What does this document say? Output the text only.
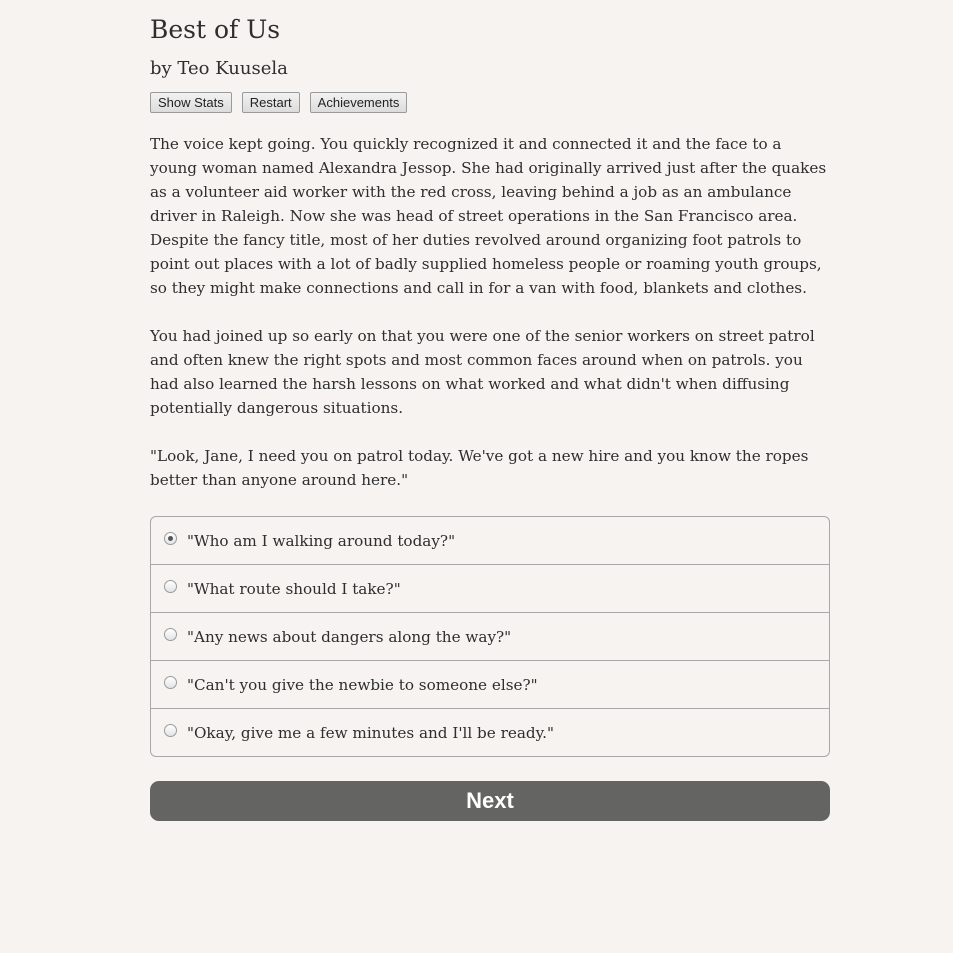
Best of Us
by Teo Kuusela
Show Stats	Restart	Achievements

The voice kept going. You quickly recognized it and connected it and the face to a young woman named Alexandra Jessop. She had originally arrived just after the quakes as a volunteer aid worker with the red cross, leaving behind a job as an ambulance driver in Raleigh. Now she was head of street operations in the San Francisco area. Despite the fancy title, most of her duties revolved around organizing foot patrols to point out places with a lot of badly supplied homeless people or roaming youth groups, so they might make connections and call in for a van with food, blankets and clothes.

You had joined up so early on that you were one of the senior workers on street patrol and often knew the right spots and most common faces around when on patrols. you had also learned the harsh lessons on what worked and what didn't when diffusing potentially dangerous situations.

"Look, Jane, I need you on patrol today. We've got a new hire and you know the ropes better than anyone around here."

"Who am I walking around today?"
"What route should I take?"
"Any news about dangers along the way?"
"Can't you give the newbie to someone else?"
"Okay, give me a few minutes and I'll be ready."
Next
